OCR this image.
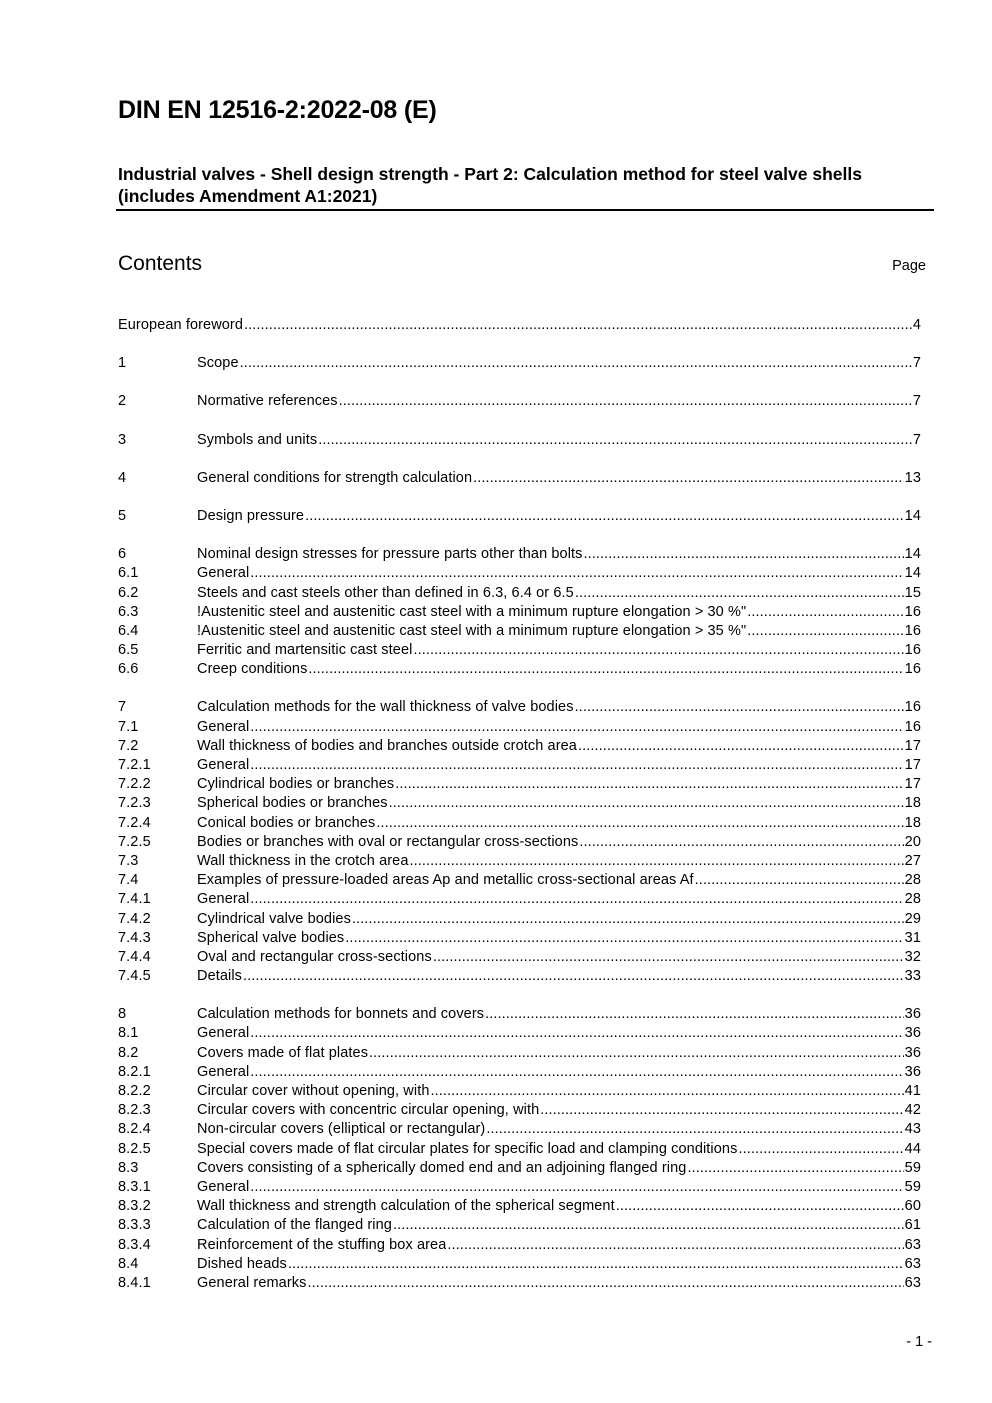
DIN EN 12516-2:2022-08 (E)
Industrial valves - Shell design strength - Part 2: Calculation method for steel valve shells (includes Amendment A1:2021)
Contents	Page
European foreword .....	4
1	Scope .....	7
2	Normative references .....	7
3	Symbols and units .....	7
4	General conditions for strength calculation .....	13
5	Design pressure .....	14
6	Nominal design stresses for pressure parts other than bolts .....	14
6.1	General .....	14
6.2	Steels and cast steels other than defined in 6.3, 6.4 or 6.5 .....	15
6.3	!Austenitic steel and austenitic cast steel with a minimum rupture elongation > 30 %" .....	16
6.4	!Austenitic steel and austenitic cast steel with a minimum rupture elongation > 35 %" .....	16
6.5	Ferritic and martensitic cast steel .....	16
6.6	Creep conditions .....	16
7	Calculation methods for the wall thickness of valve bodies .....	16
7.1	General .....	16
7.2	Wall thickness of bodies and branches outside crotch area .....	17
7.2.1	General .....	17
7.2.2	Cylindrical bodies or branches .....	17
7.2.3	Spherical bodies or branches .....	18
7.2.4	Conical bodies or branches .....	18
7.2.5	Bodies or branches with oval or rectangular cross-sections .....	20
7.3	Wall thickness in the crotch area .....	27
7.4	Examples of pressure-loaded areas Ap and metallic cross-sectional areas Af .....	28
7.4.1	General .....	28
7.4.2	Cylindrical valve bodies .....	29
7.4.3	Spherical valve bodies .....	31
7.4.4	Oval and rectangular cross-sections .....	32
7.4.5	Details .....	33
8	Calculation methods for bonnets and covers .....	36
8.1	General .....	36
8.2	Covers made of flat plates .....	36
8.2.1	General .....	36
8.2.2	Circular cover without opening, with .....	41
8.2.3	Circular covers with concentric circular opening, with .....	42
8.2.4	Non-circular covers (elliptical or rectangular) .....	43
8.2.5	Special covers made of flat circular plates for specific load and clamping conditions .....	44
8.3	Covers consisting of a spherically domed end and an adjoining flanged ring .....	59
8.3.1	General .....	59
8.3.2	Wall thickness and strength calculation of the spherical segment .....	60
8.3.3	Calculation of the flanged ring .....	61
8.3.4	Reinforcement of the stuffing box area .....	63
8.4	Dished heads .....	63
8.4.1	General remarks .....	63
- 1 -
